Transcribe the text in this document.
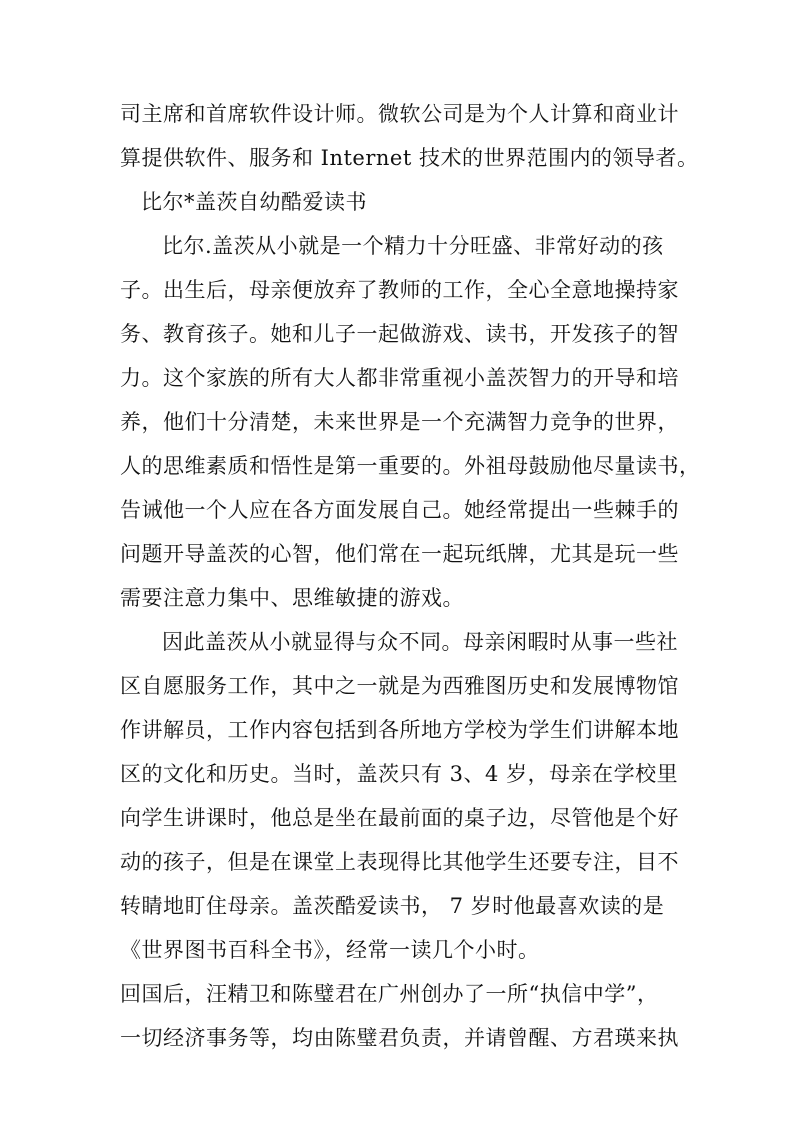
司主席和首席软件设计师。微软公司是为个人计算和商业计
算提供软件、服务和 Internet 技术的世界范围内的领导者。
比尔*盖茨自幼酷爱读书
比尔.盖茨从小就是一个精力十分旺盛、非常好动的孩
子。出生后，母亲便放弃了教师的工作，全心全意地操持家
务、教育孩子。她和儿子一起做游戏、读书，开发孩子的智
力。这个家族的所有大人都非常重视小盖茨智力的开导和培
养，他们十分清楚，未来世界是一个充满智力竞争的世界，
人的思维素质和悟性是第一重要的。外祖母鼓励他尽量读书，
告诫他一个人应在各方面发展自己。她经常提出一些棘手的
问题开导盖茨的心智，他们常在一起玩纸牌，尤其是玩一些
需要注意力集中、思维敏捷的游戏。
因此盖茨从小就显得与众不同。母亲闲暇时从事一些社
区自愿服务工作，其中之一就是为西雅图历史和发展博物馆
作讲解员，工作内容包括到各所地方学校为学生们讲解本地
区的文化和历史。当时，盖茨只有 3、4 岁，母亲在学校里
向学生讲课时，他总是坐在最前面的桌子边，尽管他是个好
动的孩子，但是在课堂上表现得比其他学生还要专注，目不
转睛地盯住母亲。盖茨酷爱读书， 7 岁时他最喜欢读的是
《世界图书百科全书》，经常一读几个小时。
回国后，汪精卫和陈璧君在广州创办了一所“执信中学”，
一切经济事务等，均由陈璧君负责，并请曾醒、方君瑛来执
